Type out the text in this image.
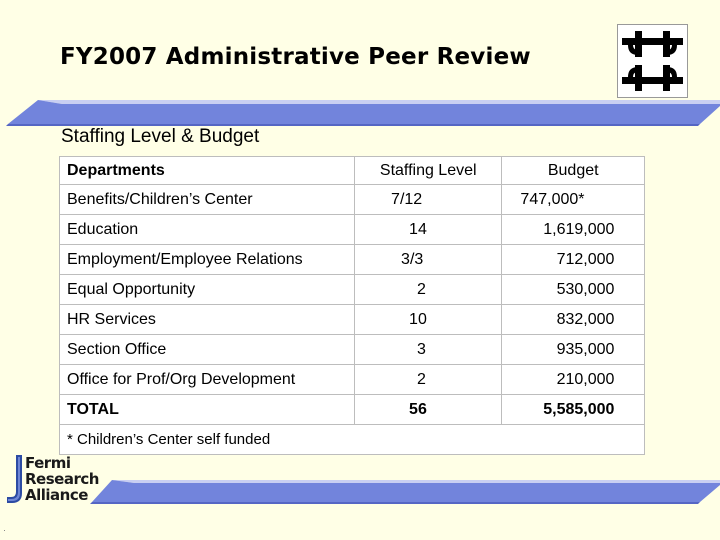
FY2007 Administrative Peer Review
Staffing Level & Budget
Departments	Staffing Level	Budget
Benefits/Children’s Center	7/12	747,000*
Education	14	1,619,000
Employment/Employee Relations	3/3	712,000
Equal Opportunity	2	530,000
HR Services	10	832,000
Section Office	3	935,000
Office for Prof/Org Development	2	210,000
TOTAL	56	5,585,000
* Children’s Center self funded		
Fermi
Research
Alliance
